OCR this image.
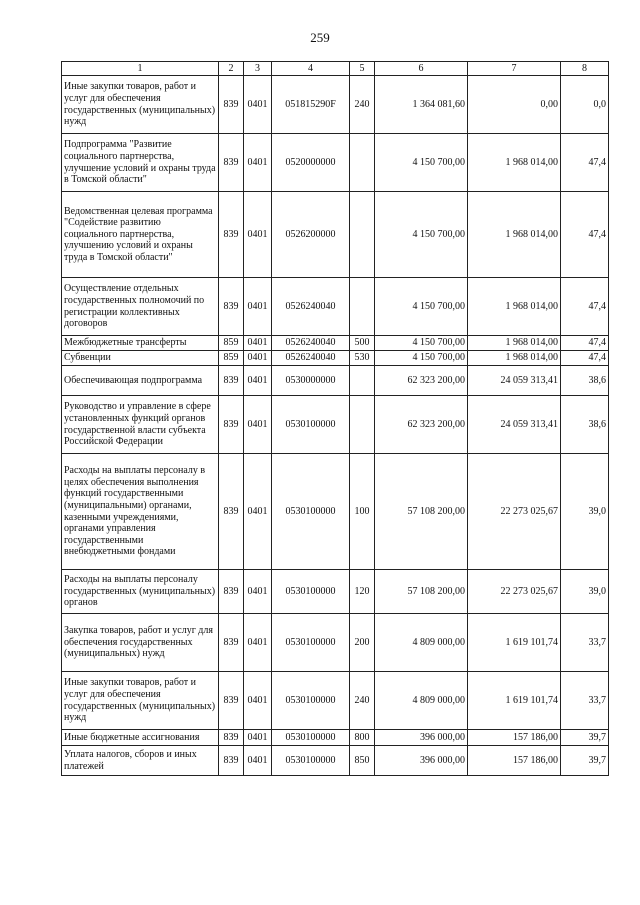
259
1	2	3	4	5	6	7	8
Иные закупки товаров, работ и услуг для обеспечения государственных (муниципальных) нужд	839	0401	051815290F	240	1 364 081,60	0,00	0,0
Подпрограмма "Развитие социального партнерства, улучшение условий и охраны труда в Томской области"	839	0401	0520000000		4 150 700,00	1 968 014,00	47,4
Ведомственная целевая программа "Содействие развитию социального партнерства, улучшению условий и охраны труда в Томской области"	839	0401	0526200000		4 150 700,00	1 968 014,00	47,4
Осуществление отдельных государственных полномочий по регистрации коллективных договоров	839	0401	0526240040		4 150 700,00	1 968 014,00	47,4
Межбюджетные трансферты	859	0401	0526240040	500	4 150 700,00	1 968 014,00	47,4
Субвенции	859	0401	0526240040	530	4 150 700,00	1 968 014,00	47,4
Обеспечивающая подпрограмма	839	0401	0530000000		62 323 200,00	24 059 313,41	38,6
Руководство и управление в сфере установленных функций органов государственной власти субъекта Российской Федерации	839	0401	0530100000		62 323 200,00	24 059 313,41	38,6
Расходы на выплаты персоналу в целях обеспечения выполнения функций государственными (муниципальными) органами, казенными учреждениями, органами управления государственными внебюджетными фондами	839	0401	0530100000	100	57 108 200,00	22 273 025,67	39,0
Расходы на выплаты персоналу государственных (муниципальных) органов	839	0401	0530100000	120	57 108 200,00	22 273 025,67	39,0
Закупка товаров, работ и услуг для обеспечения государственных (муниципальных) нужд	839	0401	0530100000	200	4 809 000,00	1 619 101,74	33,7
Иные закупки товаров, работ и услуг для обеспечения государственных (муниципальных) нужд	839	0401	0530100000	240	4 809 000,00	1 619 101,74	33,7
Иные бюджетные ассигнования	839	0401	0530100000	800	396 000,00	157 186,00	39,7
Уплата налогов, сборов и иных платежей	839	0401	0530100000	850	396 000,00	157 186,00	39,7
